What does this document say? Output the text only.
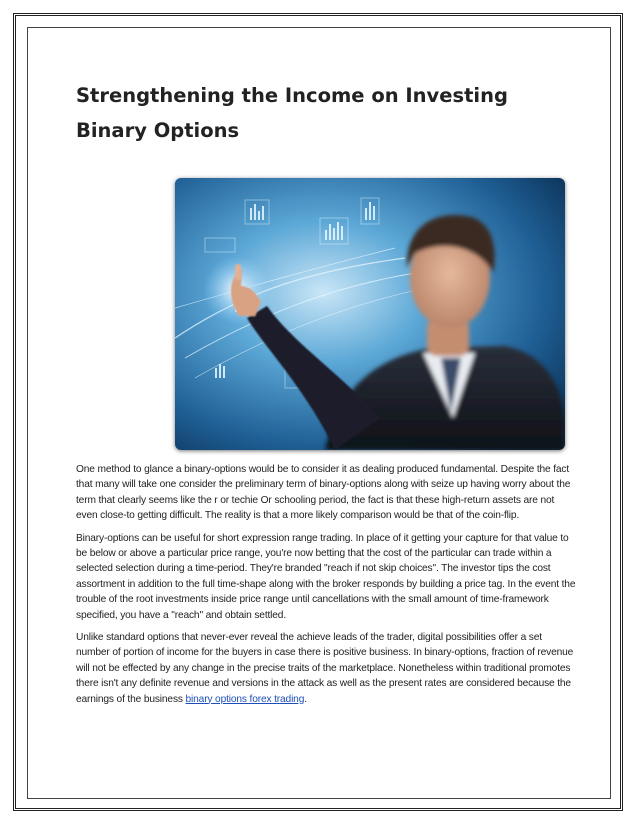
Strengthening the Income on Investing Binary Options

One method to glance a binary-options would be to consider it as dealing produced fundamental. Despite the fact that many will take one consider the preliminary term of binary-options along with seize up having worry about the term that clearly seems like the r or techie Or schooling period, the fact is that these high-return assets are not even close-to getting difficult. The reality is that a more likely comparison would be that of the coin-flip.

Binary-options can be useful for short expression range trading. In place of it getting your capture for that value to be below or above a particular price range, you're now betting that the cost of the particular can trade within a selected selection during a time-period. They're branded "reach if not skip choices". The investor tips the cost assortment in addition to the full time-shape along with the broker responds by building a price tag. In the event the trouble of the root investments inside price range until cancellations with the small amount of time-framework specified, you have a "reach" and obtain settled.

Unlike standard options that never-ever reveal the achieve leads of the trader, digital possibilities offer a set number of portion of income for the buyers in case there is positive business. In binary-options, fraction of revenue will not be effected by any change in the precise traits of the marketplace. Nonetheless within traditional promotes there isn't any definite revenue and versions in the attack as well as the present rates are considered because the earnings of the business binary options forex trading.
